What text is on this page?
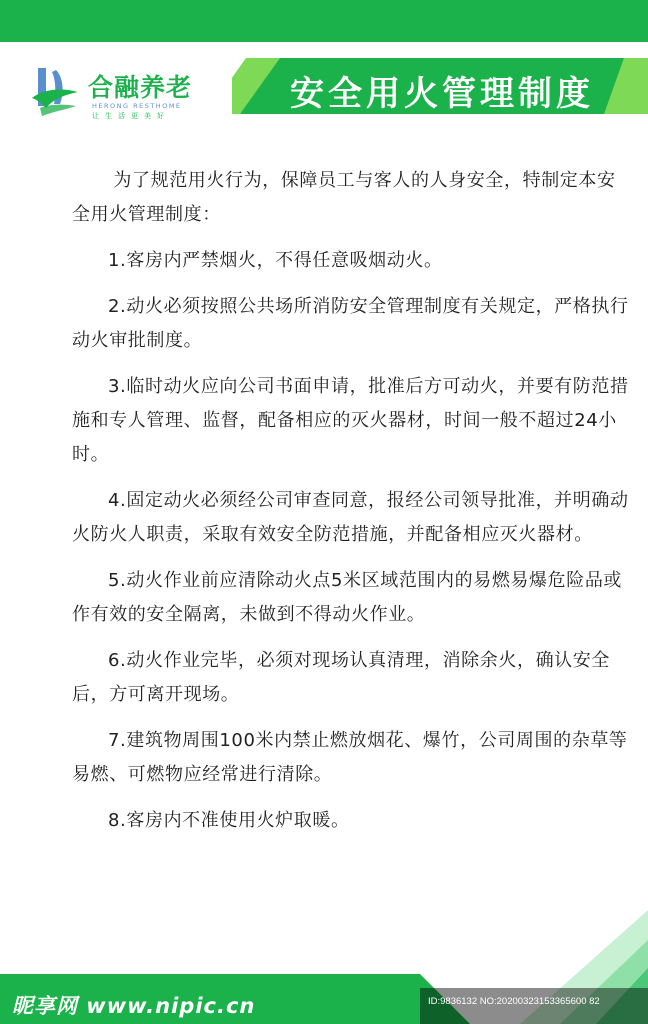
合融养老
HERONG RESTHOME
让生活更美好
安全用火管理制度

为了规范用火行为，保障员工与客人的人身安全，特制定本安全用火管理制度：

1.客房内严禁烟火，不得任意吸烟动火。

2.动火必须按照公共场所消防安全管理制度有关规定，严格执行动火审批制度。

3.临时动火应向公司书面申请，批准后方可动火，并要有防范措施和专人管理、监督，配备相应的灭火器材，时间一般不超过24小时。

4.固定动火必须经公司审查同意，报经公司领导批准，并明确动火防火人职责，采取有效安全防范措施，并配备相应灭火器材。

5.动火作业前应清除动火点5米区域范围内的易燃易爆危险品或作有效的安全隔离，未做到不得动火作业。

6.动火作业完毕，必须对现场认真清理，消除余火，确认安全后，方可离开现场。

7.建筑物周围100米内禁止燃放烟花、爆竹，公司周围的杂草等易燃、可燃物应经常进行清除。

8.客房内不准使用火炉取暖。

昵享网 www.nipic.cn	ID:9836132 NO:20200323153365600 82
